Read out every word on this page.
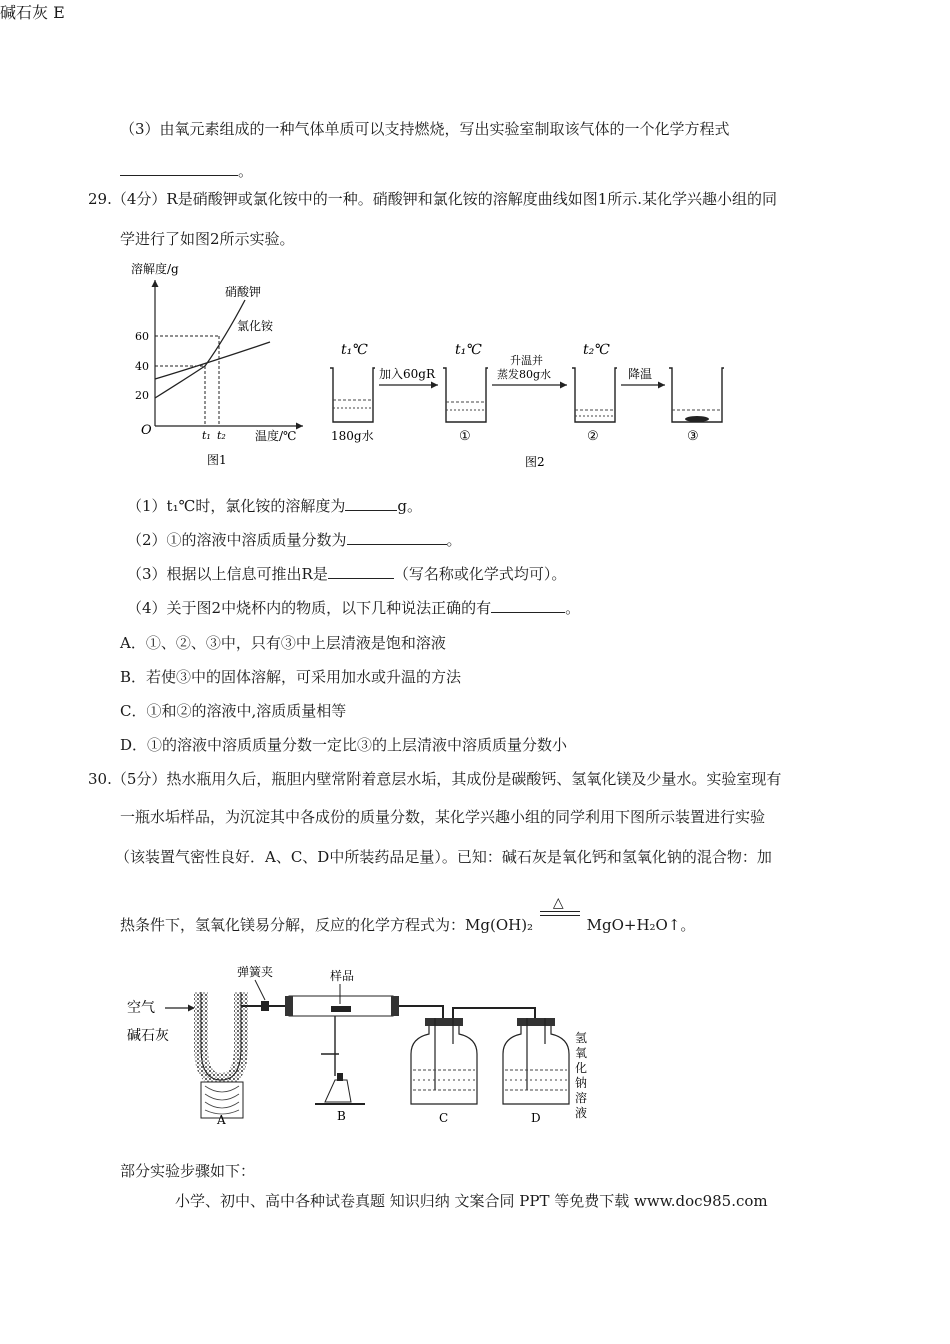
（3）由氧元素组成的一种气体单质可以支持燃烧，写出实验室制取该气体的一个化学方程式
。
29.（4分）R是硝酸钾或氯化铵中的一种。硝酸钾和氯化铵的溶解度曲线如图1所示.某化学兴趣小组的同
学进行了如图2所示实验。
溶解度/g
温度/℃
O
60
40
20
t₁ t₂
硝酸钾
氯化铵
图1
t₁℃	t₁℃	t₂℃
180g水
加入60gR
①
升温并
蒸发80g水
②
降温
③
图2
（1）t₁℃时，氯化铵的溶解度为	g。
（2）①的溶液中溶质质量分数为	。
（3）根据以上信息可推出R是	（写名称或化学式均可）。
（4）关于图2中烧杯内的物质，以下几种说法正确的有	。
A．①、②、③中，只有③中上层清液是饱和溶液
B．若使③中的固体溶解，可采用加水或升温的方法
C．①和②的溶液中,溶质质量相等
D．①的溶液中溶质质量分数一定比③的上层清液中溶质质量分数小
30.（5分）热水瓶用久后，瓶胆内壁常附着意层水垢，其成份是碳酸钙、氢氧化镁及少量水。实验室现有
一瓶水垢样品，为沉淀其中各成份的质量分数，某化学兴趣小组的同学利用下图所示装置进行实验
（该装置气密性良好．A、C、D中所装药品足量）。已知：碱石灰是氧化钙和氢氧化钠的混合物：加
热条件下，氢氧化镁易分解，反应的化学方程式为：Mg(OH)₂
△
MgO+H₂O↑。
空气
碱石灰
A
弹簧夹	样品
B	C	D
氢氧化钠溶液
碱石灰 E
部分实验步骤如下：
小学、初中、高中各种试卷真题 知识归纳 文案合同 PPT 等免费下载 www.doc985.com
